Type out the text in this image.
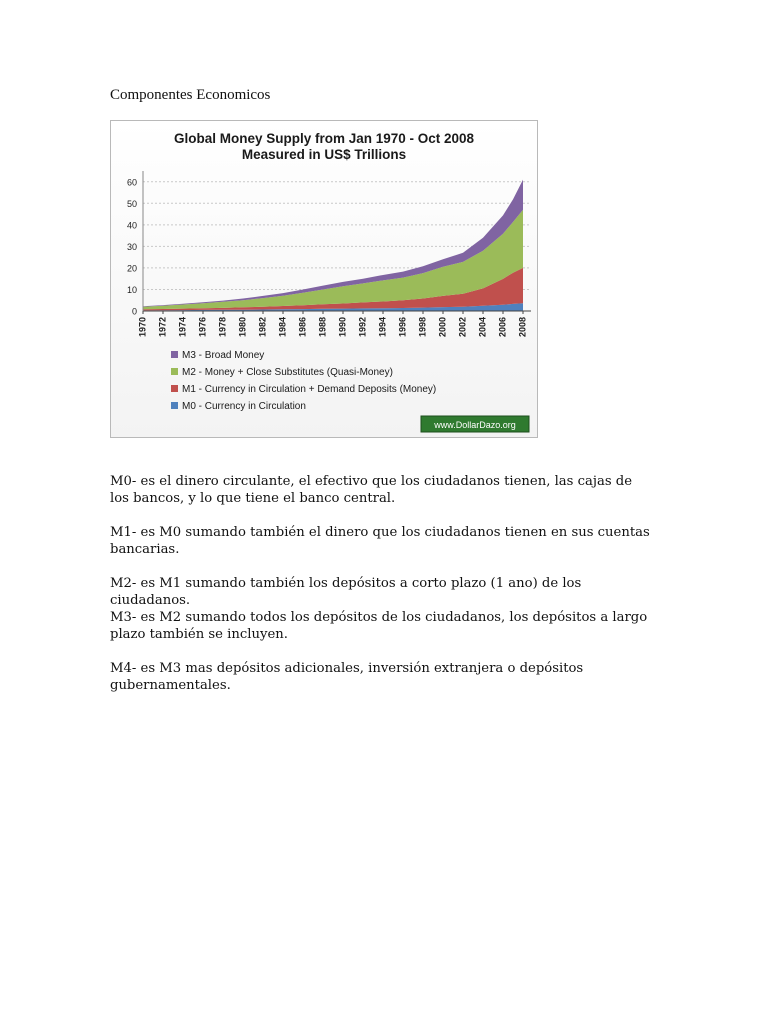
Componentes Economicos
Global Money Supply from Jan 1970 - Oct 2008
Measured in US$ Trillions
0
10
20
30
40
50
60
1970 1972 1974 1976 1978 1980 1982 1984 1986 1988 1990 1992 1994 1996 1998 2000 2002 2004 2006 2008
M3 - Broad Money
M2 - Money + Close Substitutes (Quasi-Money)
M1 - Currency in Circulation + Demand Deposits (Money)
M0 - Currency in Circulation
www.DollarDazo.org

M0- es el dinero circulante, el efectivo que los ciudadanos tienen, las cajas de los bancos, y lo que tiene el banco central.

M1- es M0 sumando también el dinero que los ciudadanos tienen en sus cuentas bancarias.

M2- es M1 sumando también los depósitos a corto plazo (1 ano) de los ciudadanos.

M3- es M2 sumando todos los depósitos de los ciudadanos, los depósitos a largo plazo también se incluyen.

M4- es M3 mas depósitos adicionales, inversión extranjera o depósitos gubernamentales.
